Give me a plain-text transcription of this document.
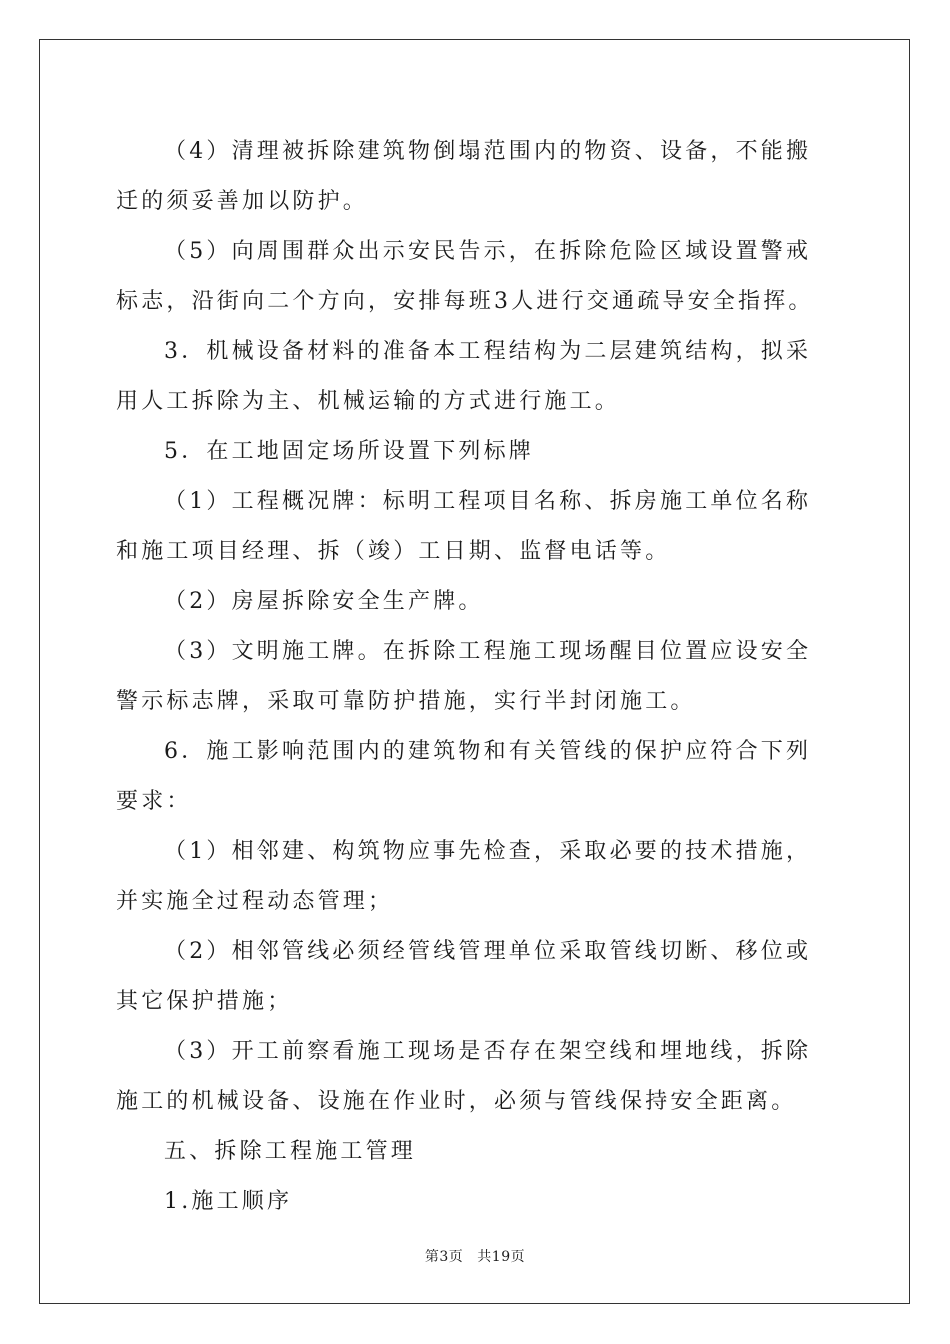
（4）清理被拆除建筑物倒塌范围内的物资、设备，不能搬迁的须妥善加以防护。

（5）向周围群众出示安民告示，在拆除危险区域设置警戒标志，沿街向二个方向，安排每班3人进行交通疏导安全指挥。

3．机械设备材料的准备本工程结构为二层建筑结构，拟采用人工拆除为主、机械运输的方式进行施工。

5．在工地固定场所设置下列标牌

（1）工程概况牌：标明工程项目名称、拆房施工单位名称和施工项目经理、拆（竣）工日期、监督电话等。

（2）房屋拆除安全生产牌。

（3）文明施工牌。在拆除工程施工现场醒目位置应设安全警示标志牌，采取可靠防护措施，实行半封闭施工。

6．施工影响范围内的建筑物和有关管线的保护应符合下列要求：

（1）相邻建、构筑物应事先检查，采取必要的技术措施，并实施全过程动态管理；

（2）相邻管线必须经管线管理单位采取管线切断、移位或其它保护措施；

（3）开工前察看施工现场是否存在架空线和埋地线，拆除施工的机械设备、设施在作业时，必须与管线保持安全距离。

五、拆除工程施工管理

1.施工顺序

第3页 共19页
